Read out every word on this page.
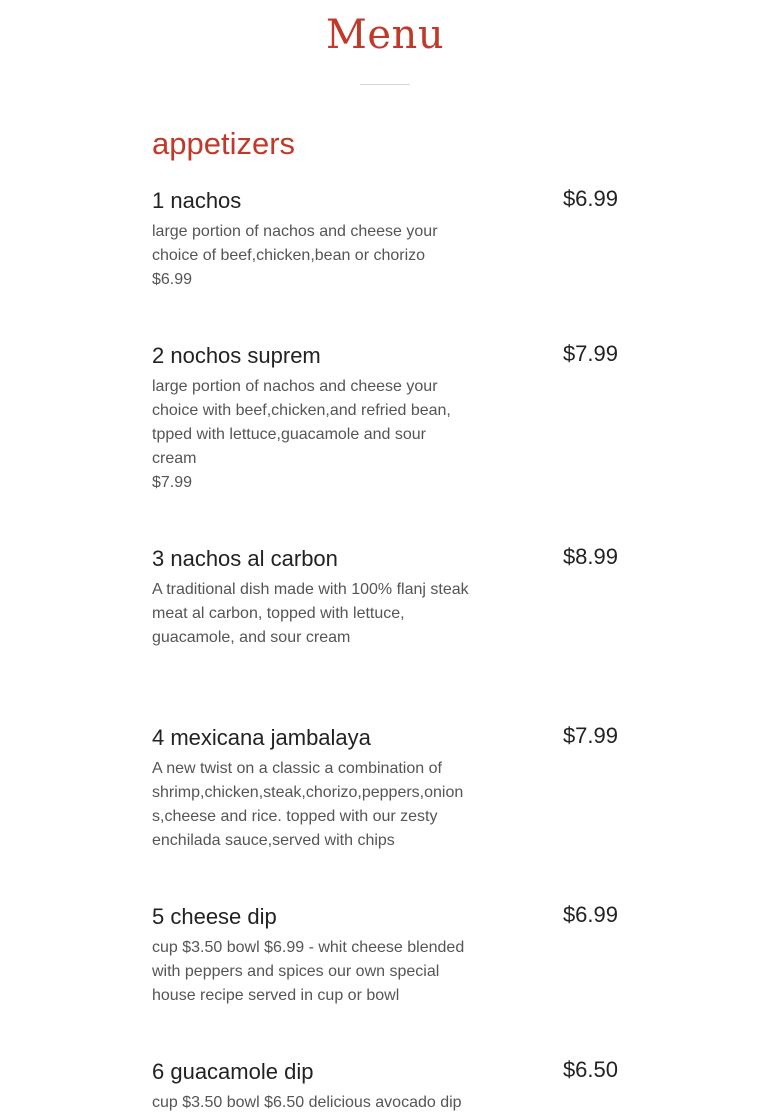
Menu
appetizers
1 nachos	$6.99
large portion of nachos and cheese your
choice of beef,chicken,bean or chorizo
$6.99
2 nochos suprem	$7.99
large portion of nachos and cheese your
choice with beef,chicken,and refried bean,
tpped with lettuce,guacamole and sour
cream
$7.99
3 nachos al carbon	$8.99
A traditional dish made with 100% flanj steak
meat al carbon, topped with lettuce,
guacamole, and sour cream
4 mexicana jambalaya	$7.99
A new twist on a classic a combination of
shrimp,chicken,steak,chorizo,peppers,onion
s,cheese and rice. topped with our zesty
enchilada sauce,served with chips
5 cheese dip	$6.99
cup $3.50 bowl $6.99 - whit cheese blended
with peppers and spices our own special
house recipe served in cup or bowl
6 guacamole dip	$6.50
cup $3.50 bowl $6.50 delicious avocado dip
